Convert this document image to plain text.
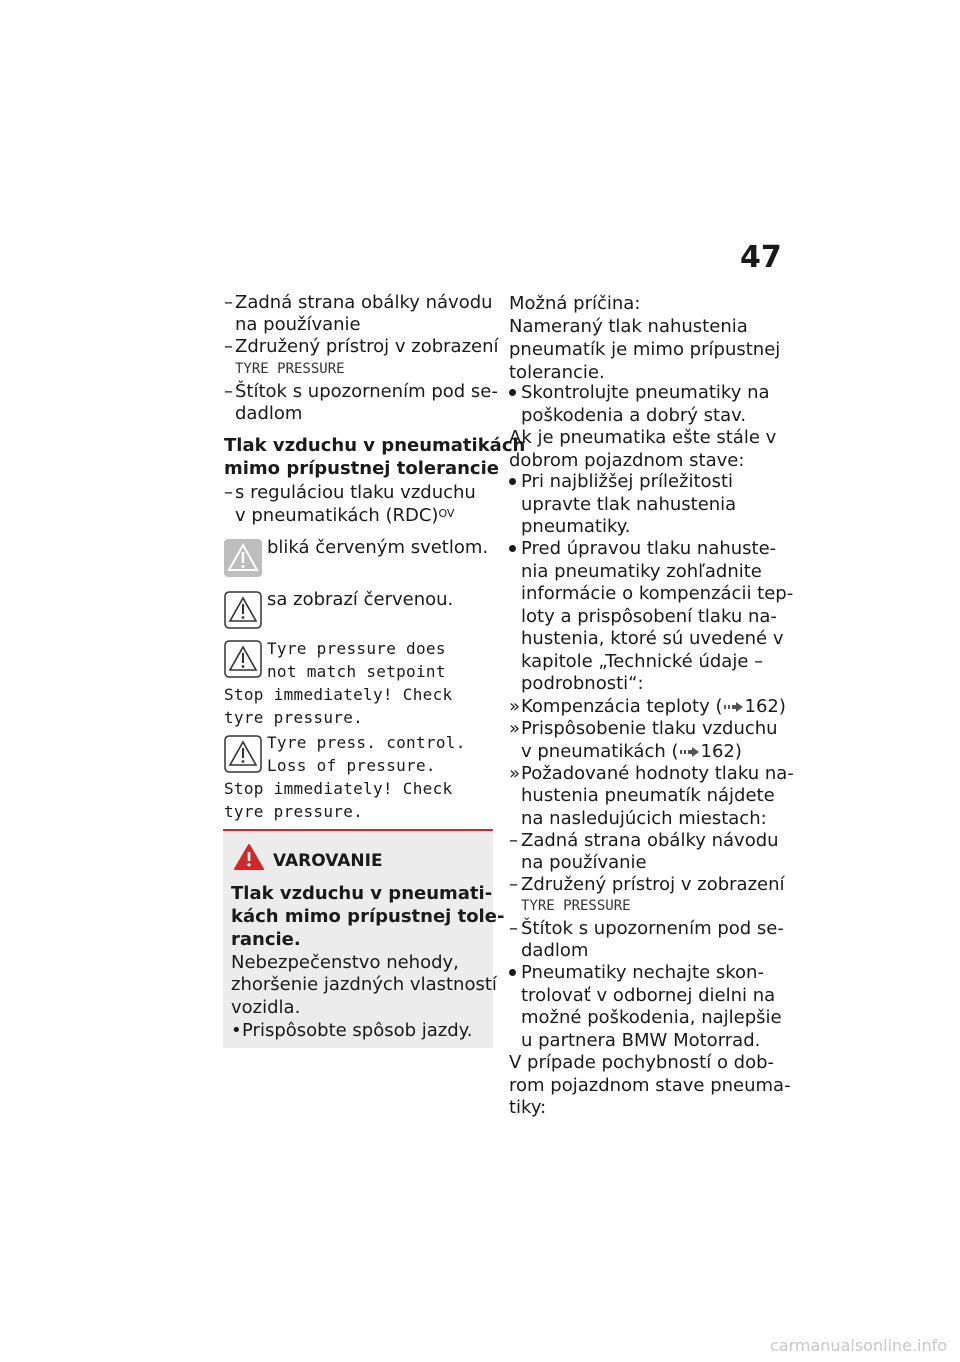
47
– Zadná strana obálky návodu
na používanie
– Združený prístroj v zobrazení
TYRE PRESSURE
– Štítok s upozornením pod se-
dadlom
Tlak vzduchu v pneumatikách
mimo prípustnej tolerancie
– s reguláciou tlaku vzduchu
v pneumatikách (RDC)$^{OV}$
bliká červeným svetlom.
sa zobrazí červenou.
Tyre pressure does
not match setpoint
Stop immediately! Check
tyre pressure.
Tyre press. control.
Loss of pressure.
Stop immediately! Check
tyre pressure.
VAROVANIE
Tlak vzduchu v pneumati-
kách mimo prípustnej tole-
rancie.
Nebezpečenstvo nehody,
zhoršenie jazdných vlastností
vozidla.
• Prispôsobte spôsob jazdy.
Možná príčina:
Nameraný tlak nahustenia
pneumatík je mimo prípustnej
tolerancie.
Skontrolujte pneumatiky na
poškodenia a dobrý stav.
Ak je pneumatika ešte stále v
dobrom pojazdnom stave:
Pri najbližšej príležitosti
upravte tlak nahustenia
pneumatiky.
Pred úpravou tlaku nahuste-
nia pneumatiky zohľadnite
informácie o kompenzácii tep-
loty a prispôsobení tlaku na-
hustenia, ktoré sú uvedené v
kapitole „Technické údaje –
podrobnosti“:
» Kompenzácia teploty ( 162)
» Prispôsobenie tlaku vzduchu
v pneumatikách ( 162)
» Požadované hodnoty tlaku na-
hustenia pneumatík nájdete
na nasledujúcich miestach:
– Zadná strana obálky návodu
na používanie
– Združený prístroj v zobrazení
TYRE PRESSURE
– Štítok s upozornením pod se-
dadlom
Pneumatiky nechajte skon-
trolovať v odbornej dielni na
možné poškodenia, najlepšie
u partnera BMW Motorrad.
V prípade pochybností o dob-
rom pojazdnom stave pneuma-
tiky:
carmanualsonline.info
